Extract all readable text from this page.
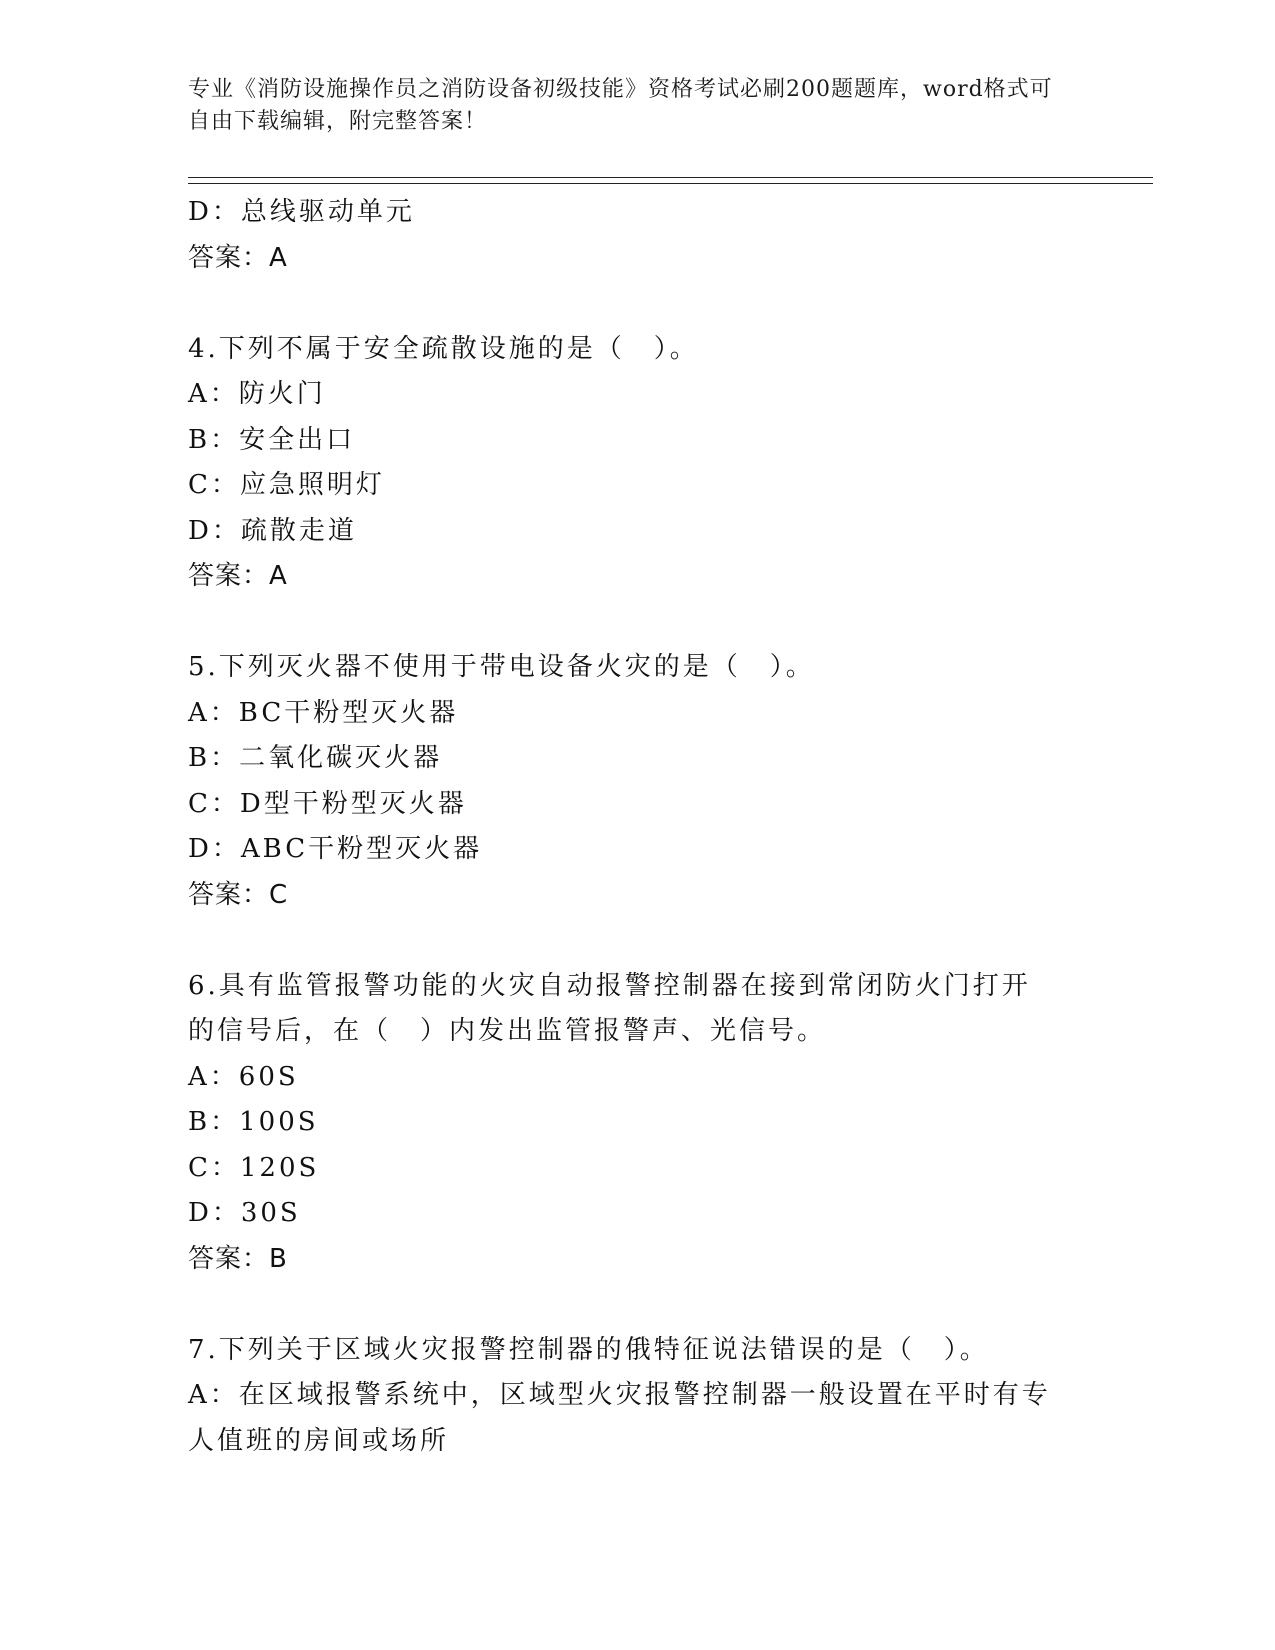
专业《消防设施操作员之消防设备初级技能》资格考试必刷200题题库，word格式可自由下载编辑，附完整答案！
D：总线驱动单元
答案：A
4.下列不属于安全疏散设施的是（　）。
A：防火门
B：安全出口
C：应急照明灯
D：疏散走道
答案：A
5.下列灭火器不使用于带电设备火灾的是（　）。
A：BC干粉型灭火器
B：二氧化碳灭火器
C：D型干粉型灭火器
D：ABC干粉型灭火器
答案：C
6.具有监管报警功能的火灾自动报警控制器在接到常闭防火门打开的信号后，在（　）内发出监管报警声、光信号。
A：60S
B：100S
C：120S
D：30S
答案：B
7.下列关于区域火灾报警控制器的俄特征说法错误的是（　）。
A：在区域报警系统中，区域型火灾报警控制器一般设置在平时有专人值班的房间或场所
